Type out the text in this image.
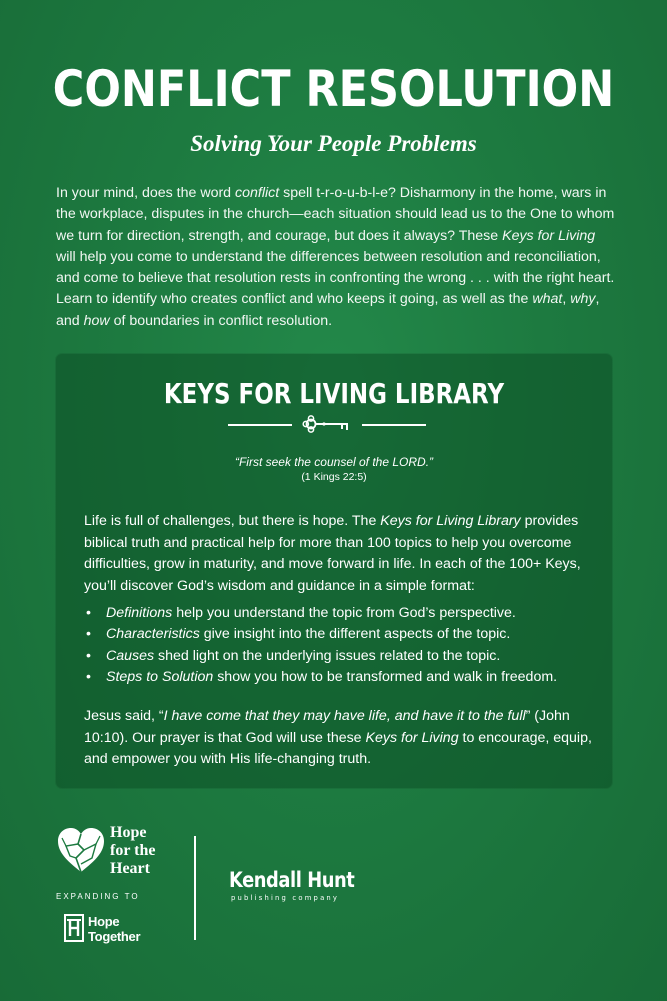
CONFLICT RESOLUTION
Solving Your People Problems
In your mind, does the word conflict spell t-r-o-u-b-l-e? Disharmony in the home, wars in the workplace, disputes in the church—each situation should lead us to the One to whom we turn for direction, strength, and courage, but does it always? These Keys for Living will help you come to understand the differences between resolution and reconciliation, and come to believe that resolution rests in confronting the wrong . . . with the right heart. Learn to identify who creates conflict and who keeps it going, as well as the what, why, and how of boundaries in conflict resolution.
KEYS FOR LIVING LIBRARY
“First seek the counsel of the LORD.”
(1 Kings 22:5)
Life is full of challenges, but there is hope. The Keys for Living Library provides biblical truth and practical help for more than 100 topics to help you overcome difficulties, grow in maturity, and move forward in life. In each of the 100+ Keys, you’ll discover God’s wisdom and guidance in a simple format:
• Definitions help you understand the topic from God’s perspective.
• Characteristics give insight into the different aspects of the topic.
• Causes shed light on the underlying issues related to the topic.
• Steps to Solution show you how to be transformed and walk in freedom.
Jesus said, “I have come that they may have life, and have it to the full” (John 10:10). Our prayer is that God will use these Keys for Living to encourage, equip, and empower you with His life-changing truth.
Hope
for the
Heart
EXPANDING TO
Hope
Together
Kendall Hunt
publishing company
